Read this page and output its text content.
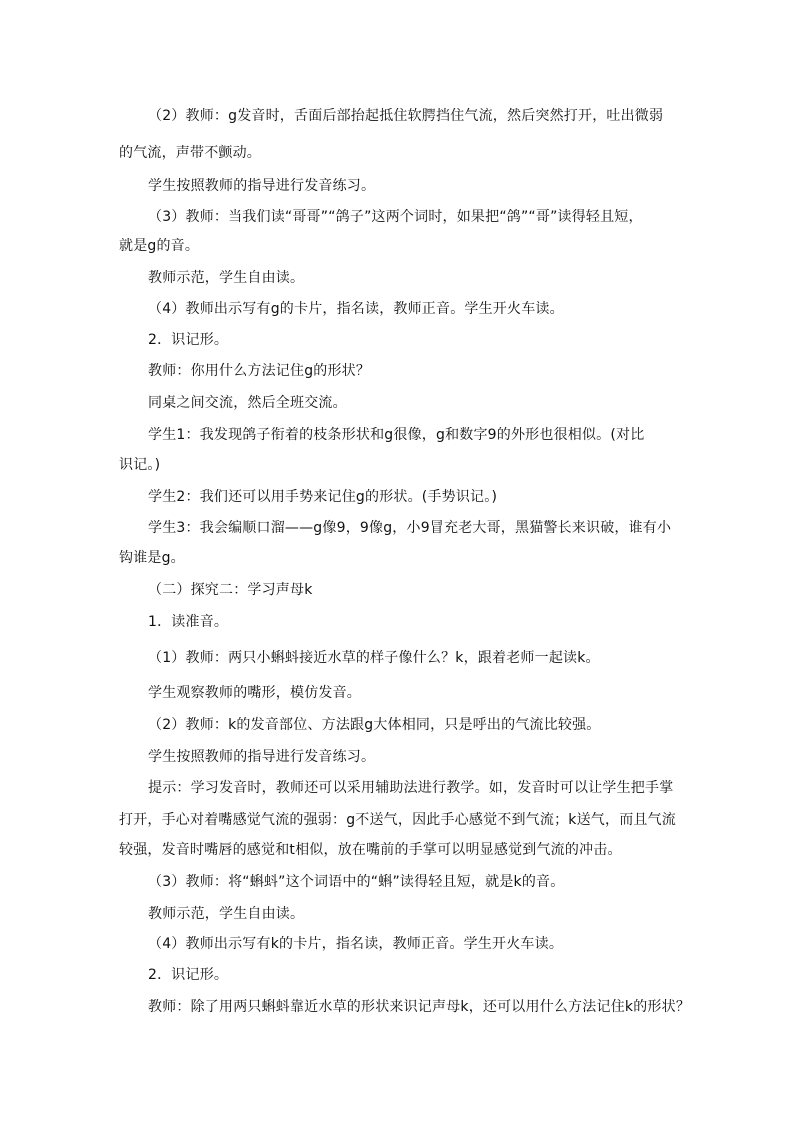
（2）教师：g发音时，舌面后部抬起抵住软腭挡住气流，然后突然打开，吐出微弱
的气流，声带不颤动。
学生按照教师的指导进行发音练习。
（3）教师：当我们读“哥哥”“鸽子”这两个词时，如果把“鸽”“哥”读得轻且短，
就是g的音。
教师示范，学生自由读。
（4）教师出示写有g的卡片，指名读，教师正音。学生开火车读。
2．识记形。
教师：你用什么方法记住g的形状？
同桌之间交流，然后全班交流。
学生1：我发现鸽子衔着的枝条形状和g很像，g和数字9的外形也很相似。(对比
识记。)
学生2：我们还可以用手势来记住g的形状。(手势识记。)
学生3：我会编顺口溜——g像9，9像g，小9冒充老大哥，黑猫警长来识破，谁有小
钩谁是g。
（二）探究二：学习声母k
1．读准音。
（1）教师：两只小蝌蚪接近水草的样子像什么？k，跟着老师一起读k。
学生观察教师的嘴形，模仿发音。
（2）教师：k的发音部位、方法跟g大体相同，只是呼出的气流比较强。
学生按照教师的指导进行发音练习。
提示：学习发音时，教师还可以采用辅助法进行教学。如，发音时可以让学生把手掌
打开，手心对着嘴感觉气流的强弱：g不送气，因此手心感觉不到气流；k送气，而且气流
较强，发音时嘴唇的感觉和t相似，放在嘴前的手掌可以明显感觉到气流的冲击。
（3）教师：将“蝌蚪”这个词语中的“蝌”读得轻且短，就是k的音。
教师示范，学生自由读。
（4）教师出示写有k的卡片，指名读，教师正音。学生开火车读。
2．识记形。
教师：除了用两只蝌蚪靠近水草的形状来识记声母k，还可以用什么方法记住k的形状？
